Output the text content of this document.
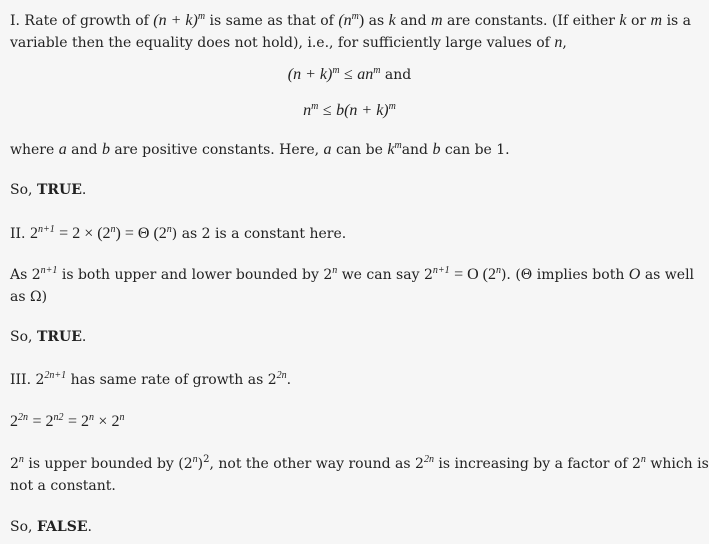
I. Rate of growth of $(n + k)^m$ is same as that of $(n^m)$ as k and m are constants. (If either k or m is a
variable then the equality does not hold), i.e., for sufficiently large values of n,
$(n + k)^m \le an^m$ and
$n^m \le b(n + k)^m$
where a and b are positive constants. Here, a can be $k^mand$ b can be 1.
So, TRUE.
II. $2^{n+1} = 2 \times (2^n) = \Theta$ (2$^n$) as 2 is a constant here.
As $2^{n+1}$ is both upper and lower bounded by 2$^n$ we can say $2^{n+1} = O$ (2$^n$). (Θ implies both O as well
as Ω)
So, TRUE.
III. $2^{2n+1}$ has same rate of growth as $2^{2n}$.
$2^{2n} = 2^{n2} = 2^n \times 2^n$
2$^n$ is upper bounded by $(2^n)^2$, not the other way round as $2^{2n}$ is increasing by a factor of 2$^n$ which is
not a constant.
So, FALSE.
